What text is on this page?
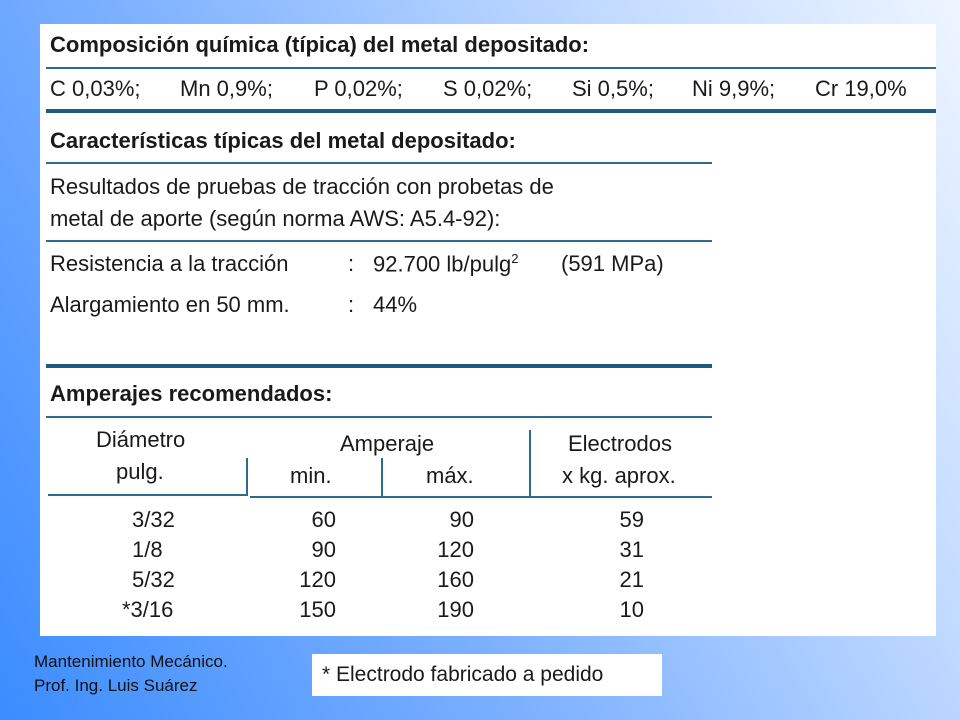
Composición química (típica) del metal depositado:
C 0,03%; Mn 0,9%; P 0,02%; S 0,02%; Si 0,5%; Ni 9,9%; Cr 19,0%
Características típicas del metal depositado:
Resultados de pruebas de tracción con probetas de
metal de aporte (según norma AWS: A5.4-92):
Resistencia a la tracción	: 92.700 lb/pulg$^2$ (591 MPa)
Alargamiento en 50 mm.	: 44%
Amperajes recomendados:
Diámetro
pulg.
Amperaje
min.	máx.
Electrodos
x kg. aprox.
3/32	60	90	59
1/8	90	120	31
5/32	120	160	21
*3/16	150	190	10
Mantenimiento Mecánico.
Prof. Ing. Luis Suárez	* Electrodo fabricado a pedido
